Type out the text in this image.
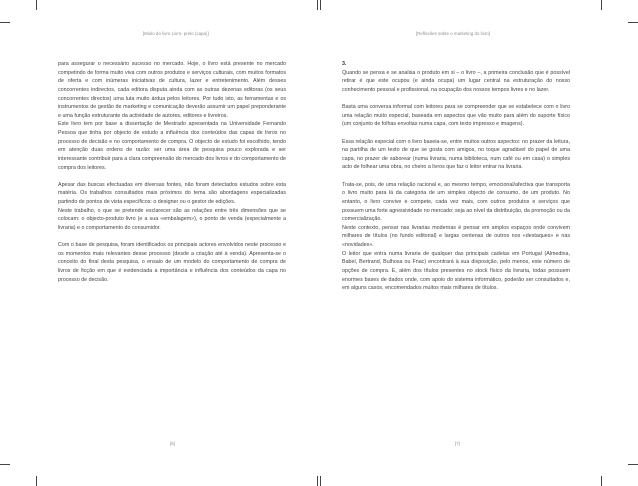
[Miolo do livro Livro- prelo (capa)]

para assegurar o necessário sucesso no mercado. Hoje, o livro está presente no mercado competindo de forma muito viva com outros produtos e serviços culturais, com muitos formatos de oferta e com inúmeras iniciativas de cultura, lazer e entretenimento. Além desses concorrentes indirectos, cada editora disputa ainda com as outras dezenas editoras (os seus concorrentes directos) uma luta muito árdua pelos leitores. Por tudo isto, as ferramentas e os instrumentos de gestão de marketing e comunicação deverão assumir um papel preponderante e uma função estruturante da actividade de autores, editores e livreiros.

Este livro tem por base a dissertação de Mestrado apresentada na Universidade Fernando Pessoa que tinha por objecto de estudo a influência dos conteúdos das capas de livros no processo de decisão e no comportamento de compra. O objecto de estudo foi escolhido, tendo em atenção duas ordens de razão: ser uma área de pesquisa pouco explorada e ser interessante contribuir para a clara compreensão do mercado dos livros e do comportamento de compra dos leitores.

Apesar das buscas efectuadas em diversas fontes, não foram detectados estudos sobre esta matéria. Os trabalhos consultados mais próximos do tema são abordagens especializadas partindo de pontos de vista específicos: o designer ou o gestor de edições.

Neste trabalho, o que se pretende esclarecer são as relações entre três dimensões que se colocam: o objecto-produto livro (e a sua «embalagem»), o ponto de venda (especialmente a livraria) e o comportamento do consumidor.

Com o base de pesquisa, foram identificados os principais actores envolvidos neste processo e os momentos mais relevantes desse processo (desde a criação até à venda). Apresenta-se o conceito do final desta pesquisa, o ensaio de um modelo do comportamento de compra de livros de ficção em que é evidenciada a importância e influência dos conteúdos da capa no processo de decisão.

[6]
[Reflexões sobre o marketing do livro]

3.

Quando se pensa e se analisa o produto em si – o livro –, a primeira conclusão que é possível retirar é que este ocupou (e ainda ocupa) um lugar central na estruturação do nosso conhecimento pessoal e profissional, na ocupação dos nossos tempos livres e no lazer.

Basta uma conversa informal com leitores para se compreender que se estabelece com o livro uma relação muito especial, baseada em aspectos que vão muito para além do suporte físico (um conjunto de folhas envoltas numa capa, com texto impresso e imagens).

Essa relação especial com o livro baseia-se, entre muitos outros aspectos: no prazer da leitura, na partilha de um texto de que se gosta com amigos, no toque agradável do papel de uma capa, no prazer de saborear (numa livraria, numa biblioteca, num café ou em casa) o simples acto de folhear uma obra, no cheiro a livros que faz o leitor entrar na livraria.

Trata-se, pois, de uma relação racional e, ao mesmo tempo, emocional/afectiva que transporta o livro muito para lá da categoria de um simples objecto de consumo, de um produto. No entanto, o livro convive e compete, cada vez mais, com outros produtos e serviços que possuem uma forte agressividade no mercado: seja ao nível da distribuição, da promoção ou da comercialização.

Neste contexto, pensar nas livrarias modernas é pensar em amplos espaços onde convivem milhares de títulos (no fundo editorial) e largas centenas de outros nos «destaques» e nas «novidades».

O leitor que entra numa livraria de qualquer das principais cadeias em Portugal (Almedina, Babel, Bertrand, Bulhosa ou Fnac) encontrará à sua disposição, pelo menos, este número de opções de compra. E, além dos títulos presentes no stock físico da livraria, todas possuem enormes bases de dados onde, com apoio do sistema informático, poderão ser consultados e, em alguns casos, encomendados muitos mais milhares de títulos.

[7]
